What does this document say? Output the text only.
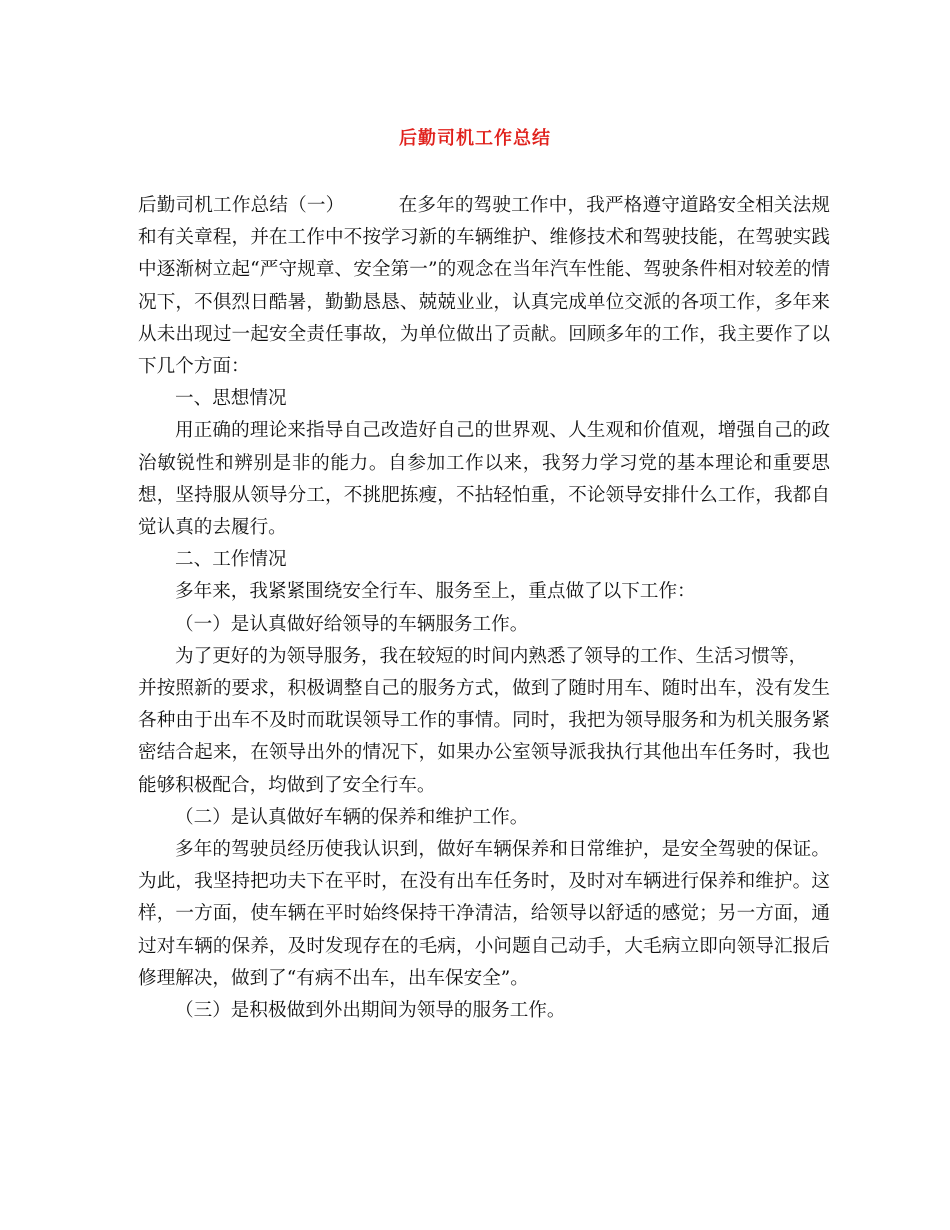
后勤司机工作总结

后勤司机工作总结（一）	在多年的驾驶工作中，我严格遵守道路安全相关法规和有关章程，并在工作中不按学习新的车辆维护、维修技术和驾驶技能，在驾驶实践中逐渐树立起“严守规章、安全第一”的观念在当年汽车性能、驾驶条件相对较差的情况下，不俱烈日酷暑，勤勤恳恳、兢兢业业，认真完成单位交派的各项工作，多年来从未出现过一起安全责任事故，为单位做出了贡献。回顾多年的工作，我主要作了以下几个方面：

一、思想情况

用正确的理论来指导自己改造好自己的世界观、人生观和价值观，增强自己的政治敏锐性和辨别是非的能力。自参加工作以来，我努力学习党的基本理论和重要思想，坚持服从领导分工，不挑肥拣瘦，不拈轻怕重，不论领导安排什么工作，我都自觉认真的去履行。

二、工作情况

多年来，我紧紧围绕安全行车、服务至上，重点做了以下工作：

（一）是认真做好给领导的车辆服务工作。

为了更好的为领导服务，我在较短的时间内熟悉了领导的工作、生活习惯等，

并按照新的要求，积极调整自己的服务方式，做到了随时用车、随时出车，没有发生各种由于出车不及时而耽误领导工作的事情。同时，我把为领导服务和为机关服务紧密结合起来，在领导出外的情况下，如果办公室领导派我执行其他出车任务时，我也能够积极配合，均做到了安全行车。

（二）是认真做好车辆的保养和维护工作。

多年的驾驶员经历使我认识到，做好车辆保养和日常维护，是安全驾驶的保证。为此，我坚持把功夫下在平时，在没有出车任务时，及时对车辆进行保养和维护。这样，一方面，使车辆在平时始终保持干净清洁，给领导以舒适的感觉；另一方面，通过对车辆的保养，及时发现存在的毛病，小问题自己动手，大毛病立即向领导汇报后修理解决，做到了“有病不出车，出车保安全”。

（三）是积极做到外出期间为领导的服务工作。
